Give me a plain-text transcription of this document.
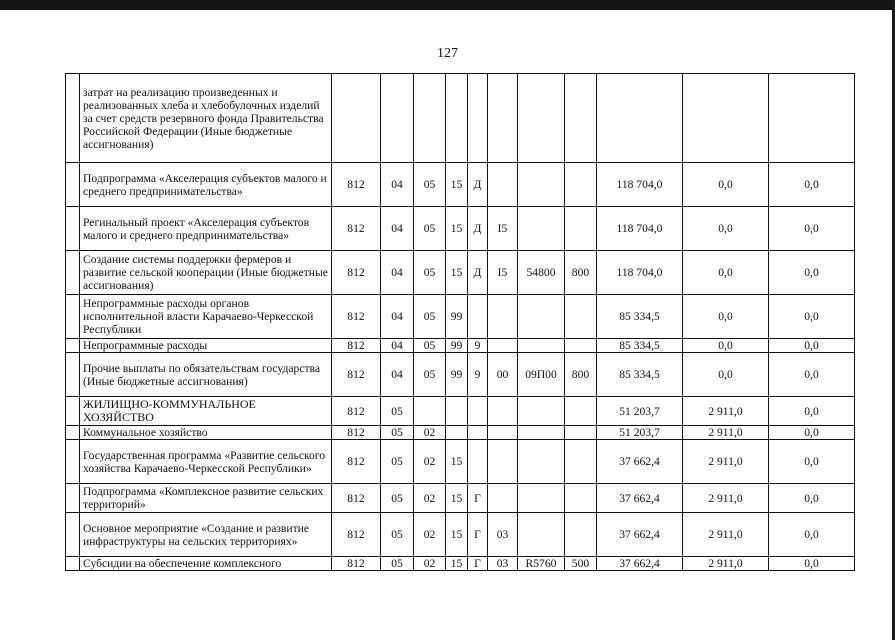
127
	затрат на реализацию произведенных и реализованных хлеба и хлебобулочных изделий за счет средств резервного фонда Правительства Российской Федерации (Иные бюджетные ассигнования)											
	Подпрограмма «Акселерация субъектов малого и среднего предпринимательства»	812	04	05	15	Д				118 704,0	0,0	0,0
	Регинальный проект «Акселерация субъектов малого и среднего предпринимательства»	812	04	05	15	Д	I5			118 704,0	0,0	0,0
	Создание системы поддержки фермеров и развитие сельской кооперации (Иные бюджетные ассигнования)	812	04	05	15	Д	I5	54800	800	118 704,0	0,0	0,0
	Непрограммные расходы органов исполнительной власти Карачаево-Черкесской Республики	812	04	05	99					85 334,5	0,0	0,0
	Непрограммные расходы	812	04	05	99	9				85 334,5	0,0	0,0
	Прочие выплаты по обязательствам государства (Иные бюджетные ассигнования)	812	04	05	99	9	00	09П00	800	85 334,5	0,0	0,0
	ЖИЛИЩНО-КОММУНАЛЬНОЕ ХОЗЯЙСТВО	812	05							51 203,7	2 911,0	0,0
	Коммунальное хозяйство	812	05	02						51 203,7	2 911,0	0,0
	Государственная программа «Развитие сельского хозяйства Карачаево-Черкесской Республики»	812	05	02	15					37 662,4	2 911,0	0,0
	Подпрограмма «Комплексное развитие сельских территорий»	812	05	02	15	Г				37 662,4	2 911,0	0,0
	Основное мероприятие «Создание и развитие инфраструктуры на сельских территориях»	812	05	02	15	Г	03			37 662,4	2 911,0	0,0
	Субсидии на обеспечение комплексного	812	05	02	15	Г	03	R5760	500	37 662,4	2 911,0	0,0
